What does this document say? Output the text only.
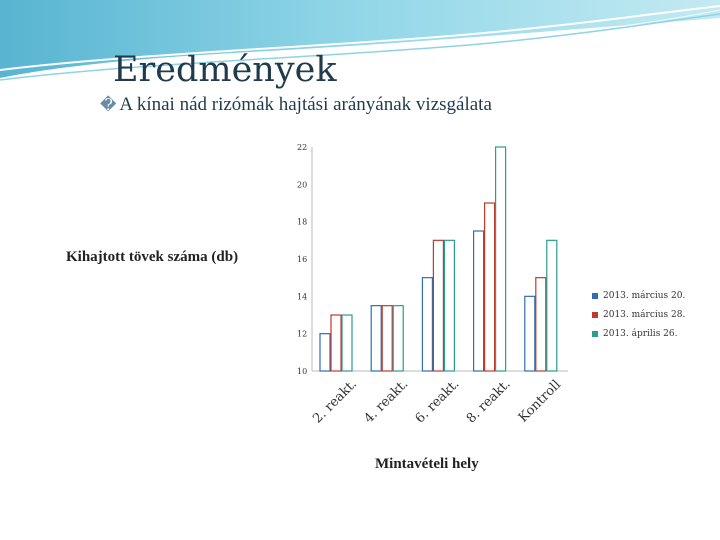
Eredmények
� A kínai nád rizómák hajtási arányának vizsgálata
10
12
14
16
18
20
22
2. reakt. 4. reakt. 6. reakt. 8. reakt. Kontroll
Kihajtott tövek száma (db)
Mintavételi hely
2013. március 20.
2013. március 28.
2013. április 26.
